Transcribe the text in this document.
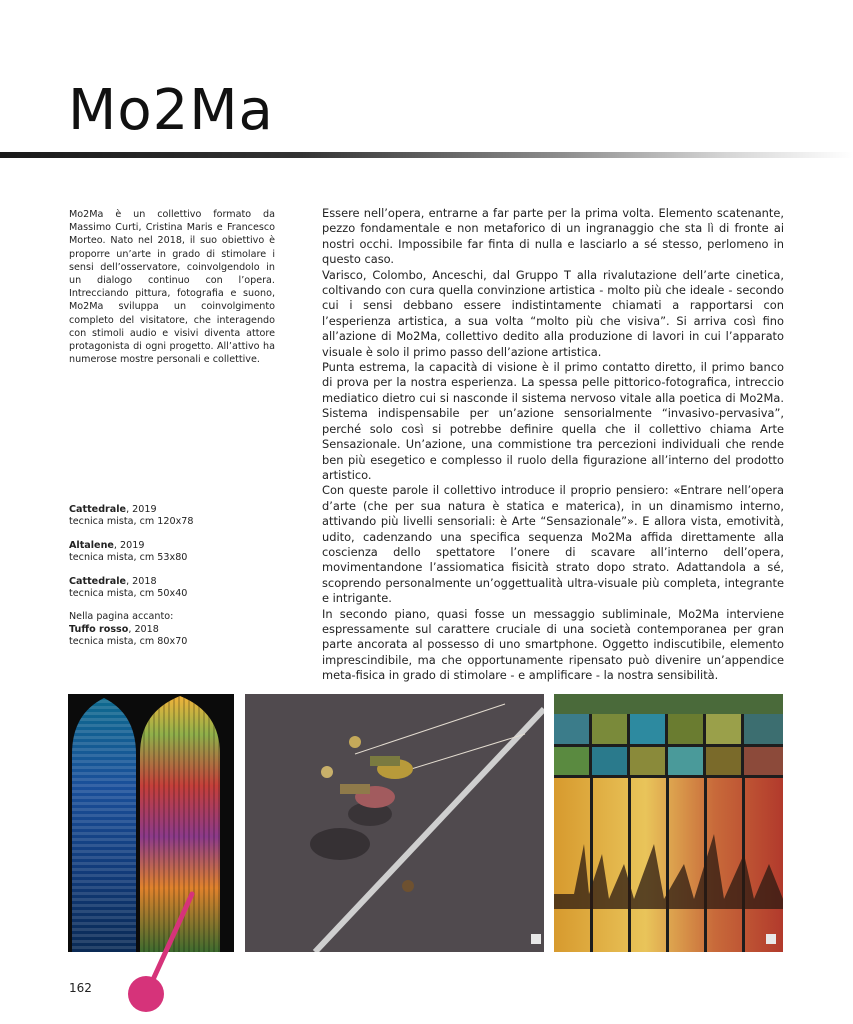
Mo2Ma
Mo2Ma è un collettivo formato da Massimo Curti, Cristina Maris e Francesco Morteo. Nato nel 2018, il suo obiettivo è proporre un’arte in grado di stimolare i sensi dell’osservatore, coinvolgendolo in un dialogo continuo con l’opera. Intrecciando pittura, fotografia e suono, Mo2Ma sviluppa un coinvolgimento completo del visitatore, che interagendo con stimoli audio e visivi diventa attore protagonista di ogni progetto. All’attivo ha numerose mostre personali e collettive.
Cattedrale, 2019
tecnica mista, cm 120x78
Altalene, 2019
tecnica mista, cm 53x80
Cattedrale, 2018
tecnica mista, cm 50x40
Nella pagina accanto:
Tuffo rosso, 2018
tecnica mista, cm 80x70

Essere nell’opera, entrarne a far parte per la prima volta. Elemento scatenante, pezzo fondamentale e non metaforico di un ingranaggio che sta lì di fronte ai nostri occhi. Impossibile far finta di nulla e lasciarlo a sé stesso, perlomeno in questo caso.

Varisco, Colombo, Anceschi, dal Gruppo T alla rivalutazione dell’arte cinetica, coltivando con cura quella convinzione artistica - molto più che ideale - secondo cui i sensi debbano essere indistintamente chiamati a rapportarsi con l’esperienza artistica, a sua volta “molto più che visiva”. Si arriva così fino all’azione di Mo2Ma, collettivo dedito alla produzione di lavori in cui l’apparato visuale è solo il primo passo dell’azione artistica.

Punta estrema, la capacità di visione è il primo contatto diretto, il primo banco di prova per la nostra esperienza. La spessa pelle pittorico-fotografica, intreccio mediatico dietro cui si nasconde il sistema nervoso vitale alla poetica di Mo2Ma. Sistema indispensabile per un’azione sensorialmente “invasivo-pervasiva”, perché solo così si potrebbe definire quella che il collettivo chiama Arte Sensazionale. Un’azione, una commistione tra percezioni individuali che rende ben più esegetico e complesso il ruolo della figurazione all’interno del prodotto artistico.

Con queste parole il collettivo introduce il proprio pensiero: «Entrare nell’opera d’arte (che per sua natura è statica e materica), in un dinamismo interno, attivando più livelli sensoriali: è Arte “Sensazionale”». E allora vista, emotività, udito, cadenzando una specifica sequenza Mo2Ma affida direttamente alla coscienza dello spettatore l’onere di scavare all’interno dell’opera, movimentandone l’assiomatica fisicità strato dopo strato. Adattandola a sé, scoprendo personalmente un’oggettualità ultra-visuale più completa, integrante e intrigante.

In secondo piano, quasi fosse un messaggio subliminale, Mo2Ma interviene espressamente sul carattere cruciale di una società contemporanea per gran parte ancorata al possesso di uno smartphone. Oggetto indiscutibile, elemento imprescindibile, ma che opportunamente ripensato può divenire un’appendice meta-fisica in grado di stimolare - e amplificare - la nostra sensibilità.

162
